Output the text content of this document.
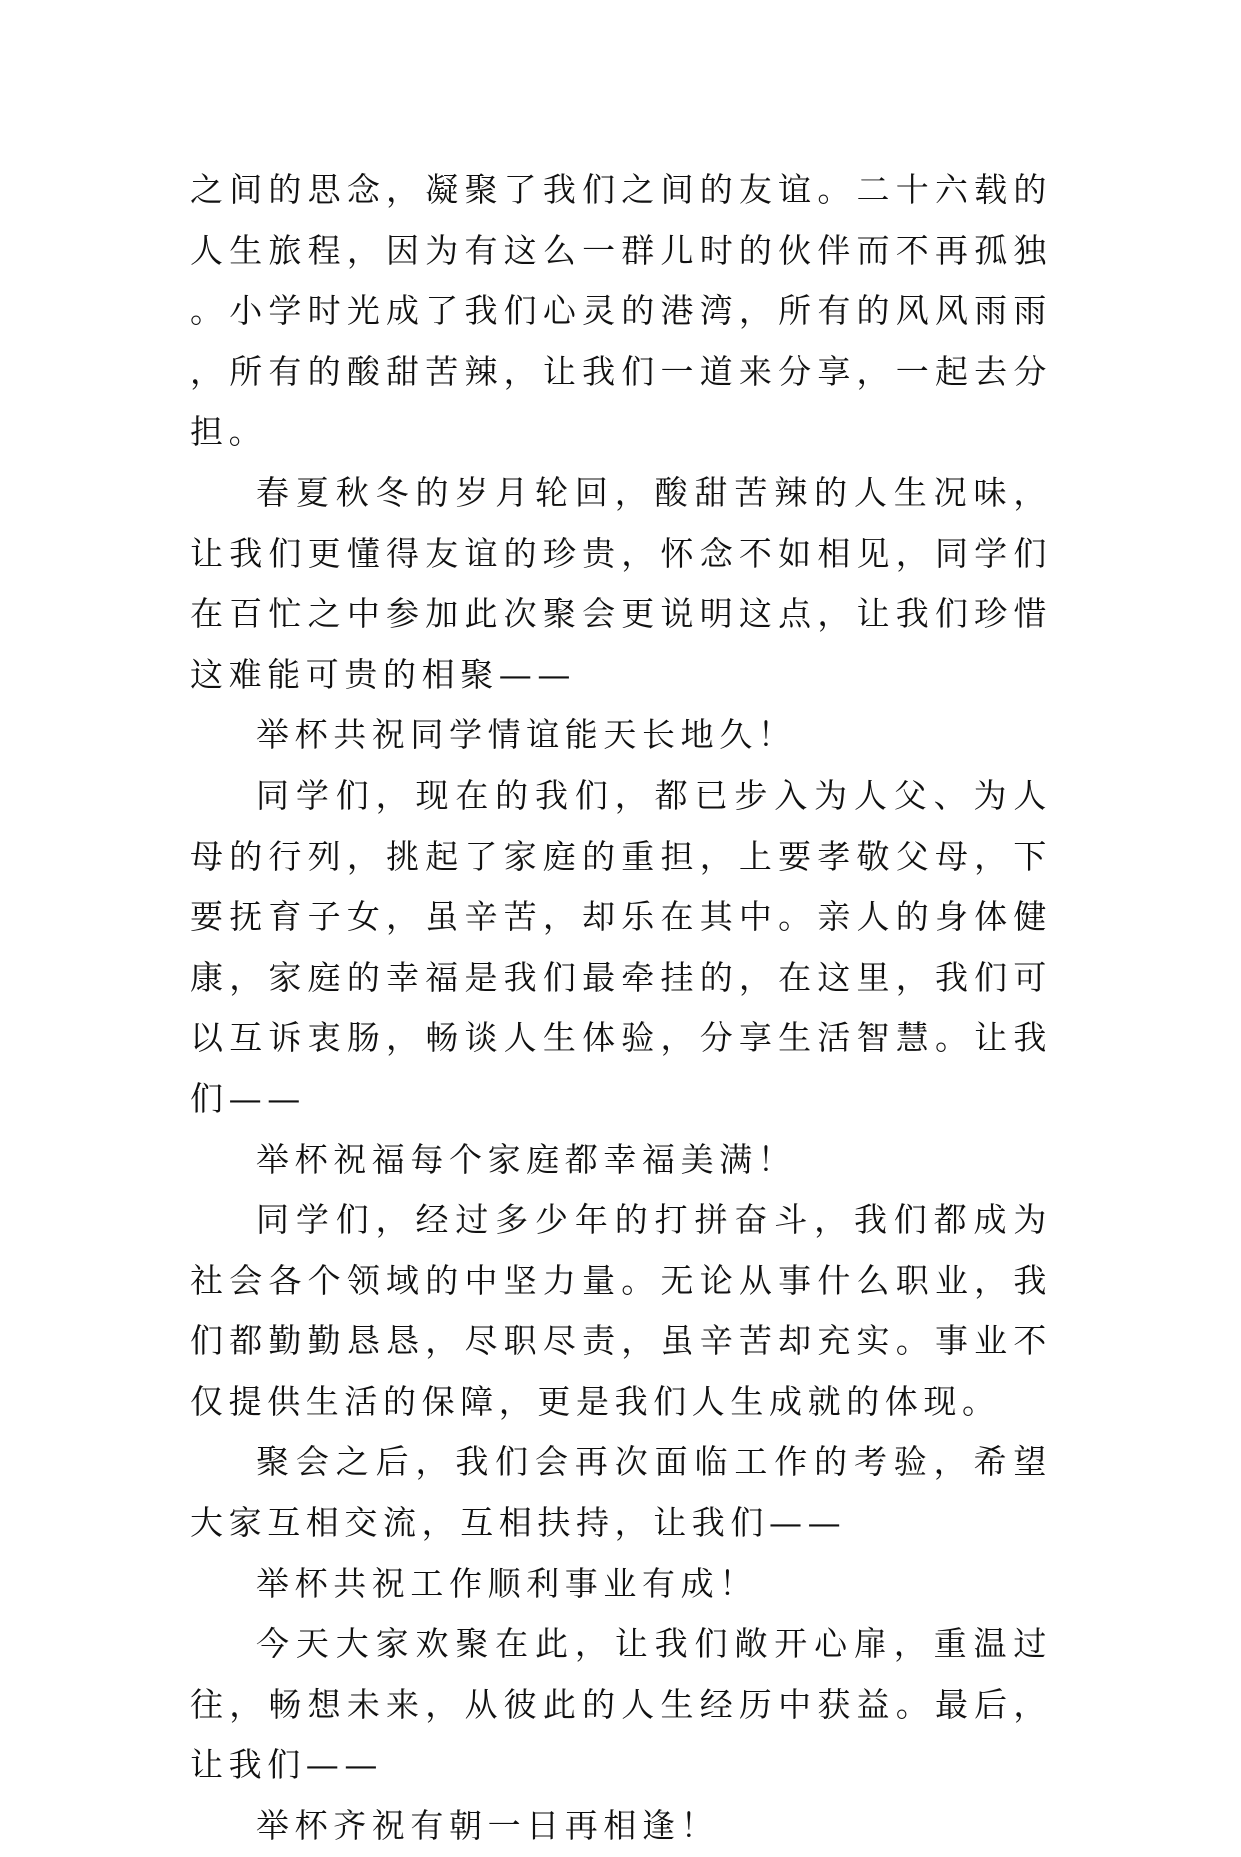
之间的思念，凝聚了我们之间的友谊。二十六载的人生旅程，因为有这么一群儿时的伙伴而不再孤独。小学时光成了我们心灵的港湾，所有的风风雨雨，所有的酸甜苦辣，让我们一道来分享，一起去分担。

春夏秋冬的岁月轮回，酸甜苦辣的人生况味，让我们更懂得友谊的珍贵，怀念不如相见，同学们在百忙之中参加此次聚会更说明这点，让我们珍惜这难能可贵的相聚——

举杯共祝同学情谊能天长地久！

同学们，现在的我们，都已步入为人父、为人母的行列，挑起了家庭的重担，上要孝敬父母，下要抚育子女，虽辛苦，却乐在其中。亲人的身体健康，家庭的幸福是我们最牵挂的，在这里，我们可以互诉衷肠，畅谈人生体验，分享生活智慧。让我们——

举杯祝福每个家庭都幸福美满！

同学们，经过多少年的打拼奋斗，我们都成为社会各个领域的中坚力量。无论从事什么职业，我们都勤勤恳恳，尽职尽责，虽辛苦却充实。事业不仅提供生活的保障，更是我们人生成就的体现。

聚会之后，我们会再次面临工作的考验，希望大家互相交流，互相扶持，让我们——

举杯共祝工作顺利事业有成！

今天大家欢聚在此，让我们敞开心扉，重温过往，畅想未来，从彼此的人生经历中获益。最后，让我们——

举杯齐祝有朝一日再相逢！
